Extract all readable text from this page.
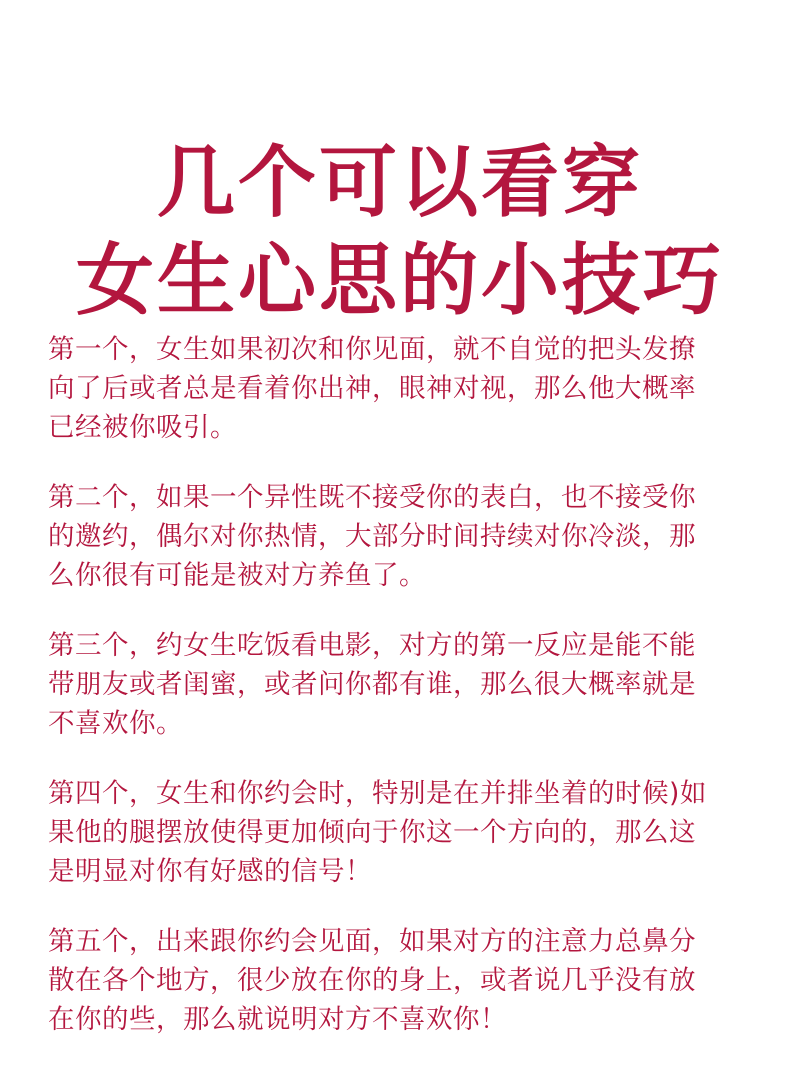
几个可以看穿
女生心思的小技巧

第一个，女生如果初次和你见面，就不自觉的把头发撩
向了后或者总是看着你出神，眼神对视，那么他大概率
已经被你吸引。

第二个，如果一个异性既不接受你的表白，也不接受你
的邀约，偶尔对你热情，大部分时间持续对你冷淡，那
么你很有可能是被对方养鱼了。

第三个，约女生吃饭看电影，对方的第一反应是能不能
带朋友或者闺蜜，或者问你都有谁，那么很大概率就是
不喜欢你。

第四个，女生和你约会时，特别是在并排坐着的时候)如
果他的腿摆放使得更加倾向于你这一个方向的，那么这
是明显对你有好感的信号！

第五个，出来跟你约会见面，如果对方的注意力总鼻分
散在各个地方，很少放在你的身上，或者说几乎没有放
在你的些，那么就说明对方不喜欢你！
